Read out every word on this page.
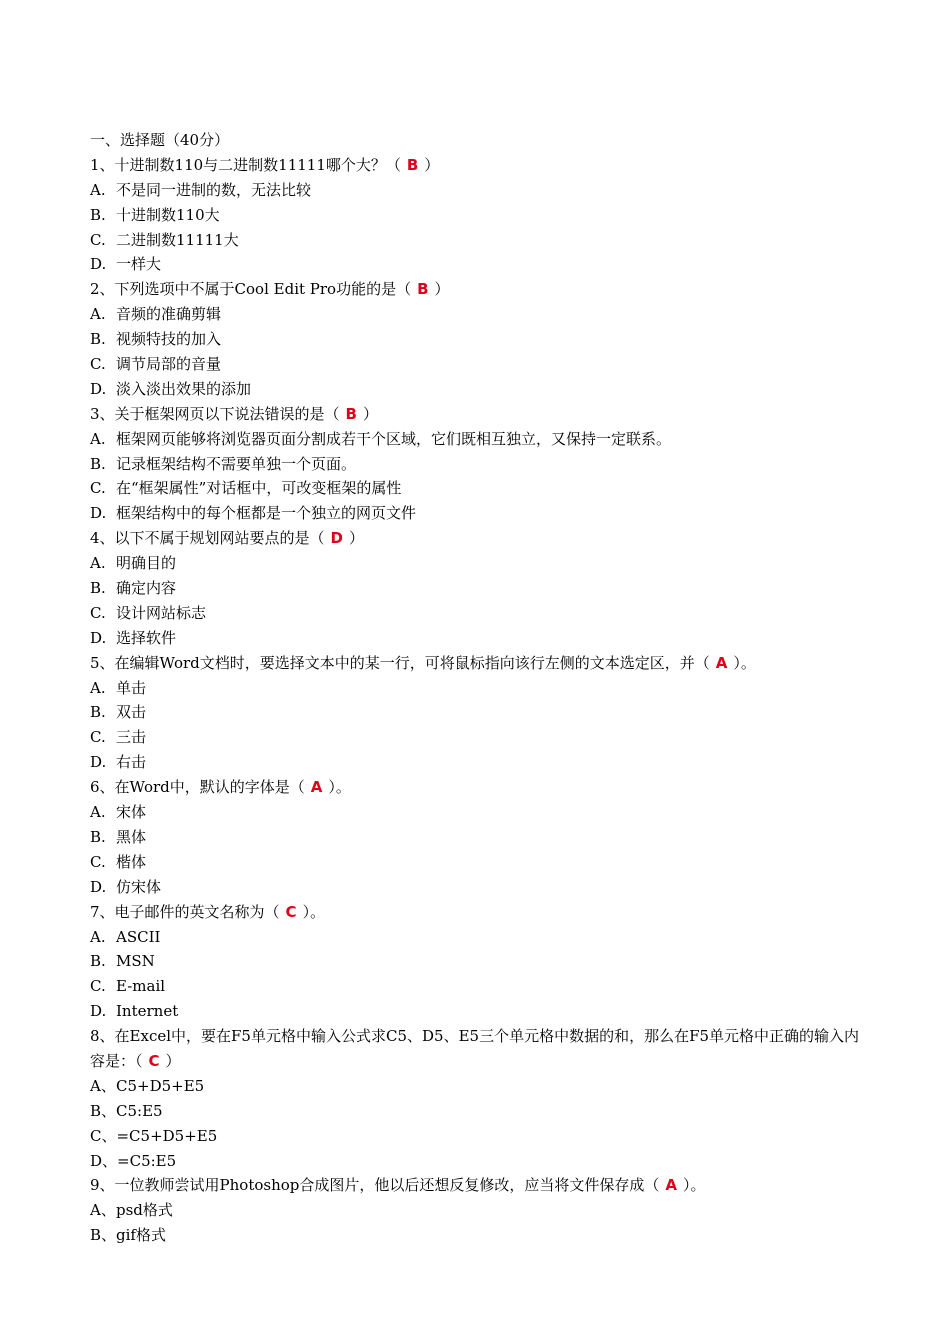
一、选择题（40分）
1、十进制数110与二进制数11111哪个大？（ B ）
A. 不是同一进制的数，无法比较
B. 十进制数110大
C. 二进制数11111大
D. 一样大
2、下列选项中不属于Cool Edit Pro功能的是（ B ）
A. 音频的准确剪辑
B. 视频特技的加入
C. 调节局部的音量
D. 淡入淡出效果的添加
3、关于框架网页以下说法错误的是（ B ）
A. 框架网页能够将浏览器页面分割成若干个区域，它们既相互独立，又保持一定联系。
B. 记录框架结构不需要单独一个页面。
C. 在“框架属性”对话框中，可改变框架的属性
D. 框架结构中的每个框都是一个独立的网页文件
4、以下不属于规划网站要点的是（ D ）
A. 明确目的
B. 确定内容
C. 设计网站标志
D. 选择软件
5、在编辑Word文档时，要选择文本中的某一行，可将鼠标指向该行左侧的文本选定区，并（ A ）。
A. 单击
B. 双击
C. 三击
D. 右击
6、在Word中，默认的字体是（ A ）。
A. 宋体
B. 黑体
C. 楷体
D. 仿宋体
7、电子邮件的英文名称为（ C ）。
A. ASCII
B. MSN
C. E-mail
D. Internet
8、在Excel中，要在F5单元格中输入公式求C5、D5、E5三个单元格中数据的和，那么在F5单元格中正确的输入内容是：（ C ）
A、C5+D5+E5
B、C5:E5
C、=C5+D5+E5
D、=C5:E5
9、一位教师尝试用Photoshop合成图片，他以后还想反复修改，应当将文件保存成（ A ）。
A、psd格式
B、gif格式
